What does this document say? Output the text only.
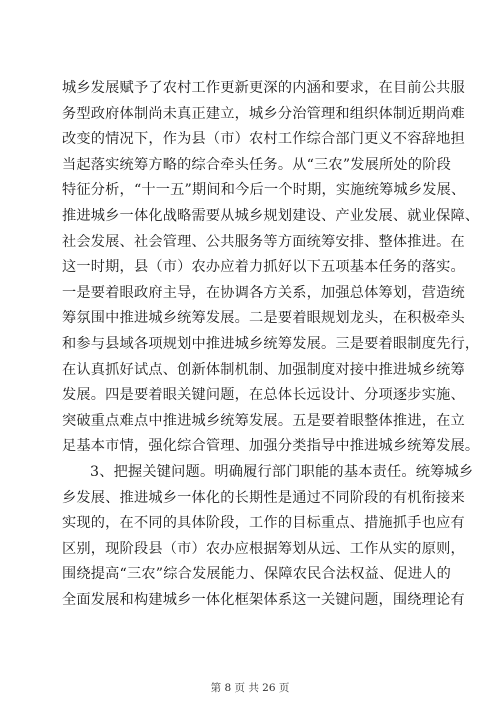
城乡发展赋予了农村工作更新更深的内涵和要求，在目前公共服
务型政府体制尚未真正建立，城乡分治管理和组织体制近期尚难
改变的情况下，作为县（市）农村工作综合部门更义不容辞地担
当起落实统筹方略的综合牵头任务。从“三农”发展所处的阶段
特征分析，“十一五”期间和今后一个时期，实施统筹城乡发展、
推进城乡一体化战略需要从城乡规划建设、产业发展、就业保障、
社会发展、社会管理、公共服务等方面统筹安排、整体推进。在
这一时期，县（市）农办应着力抓好以下五项基本任务的落实。
一是要着眼政府主导，在协调各方关系，加强总体筹划，营造统
筹氛围中推进城乡统筹发展。二是要着眼规划龙头，在积极牵头
和参与县域各项规划中推进城乡统筹发展。三是要着眼制度先行，
在认真抓好试点、创新体制机制、加强制度对接中推进城乡统筹
发展。四是要着眼关键问题，在总体长远设计、分项逐步实施、
突破重点难点中推进城乡统筹发展。五是要着眼整体推进，在立
足基本市情，强化综合管理、加强分类指导中推进城乡统筹发展。
3、把握关键问题。明确履行部门职能的基本责任。统筹城乡
乡发展、推进城乡一体化的长期性是通过不同阶段的有机衔接来
实现的，在不同的具体阶段，工作的目标重点、措施抓手也应有
区别，现阶段县（市）农办应根据筹划从远、工作从实的原则，
围绕提高“三农”综合发展能力、保障农民合法权益、促进人的
全面发展和构建城乡一体化框架体系这一关键问题，围绕理论有
第 8 页 共 26 页
